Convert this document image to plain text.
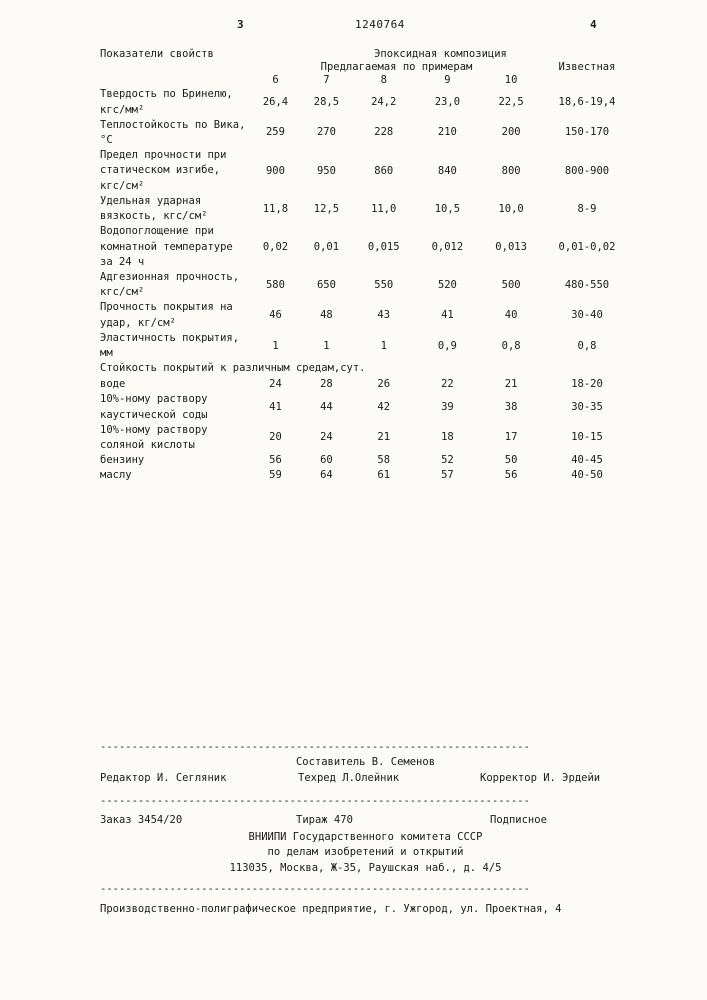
3	1240764	4
Показатели свойств	Эпоксидная композиция					
	Предлагаемая по примерам					Известная
	6	7	8	9	10	
Твердость по Бринелю, кгс/мм²	26,4	28,5	24,2	23,0	22,5	18,6-19,4
Теплостойкость по Вика, °С	259	270	228	210	200	150-170
Предел прочности при статическом изгибе, кгс/см²	900	950	860	840	800	800-900
Удельная ударная вязкость, кгс/см²	11,8	12,5	11,0	10,5	10,0	8-9
Водопоглощение при комнатной температуре за 24 ч	0,02	0,01	0,015	0,012	0,013	0,01-0,02
Адгезионная прочность, кгс/см²	580	650	550	520	500	480-550
Прочность покрытия на удар, кг/см²	46	48	43	41	40	30-40
Эластичность покрытия, мм	1	1	1	0,9	0,8	0,8
Стойкость покрытий к различным средам,сут.						
воде	24	28	26	22	21	18-20
10%-ному раствору каустической соды	41	44	42	39	38	30-35
10%-ному раствору соляной кислоты	20	24	21	18	17	10-15
бензину	56	60	58	52	50	40-45
маслу	59	64	61	57	56	40-50
--------------------------------------------------------------------
Составитель В. Семенов
Редактор И. Сегляник	Техред Л.Олейник	Корректор И. Эрдейи
--------------------------------------------------------------------
Заказ 3454/20	Тираж 470	Подписное
ВНИИПИ Государственного комитета СССР
по делам изобретений и открытий
113035, Москва, Ж-35, Раушская наб., д. 4/5
--------------------------------------------------------------------
Производственно-полиграфическое предприятие, г. Ужгород, ул. Проектная, 4
